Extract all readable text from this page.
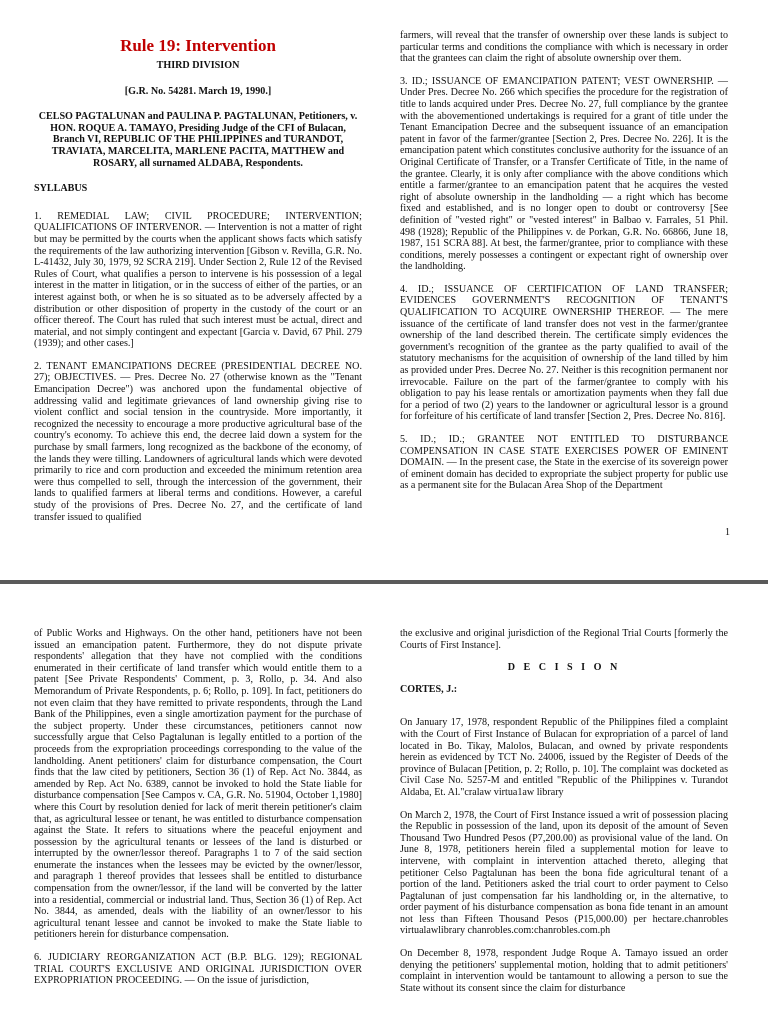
Rule 19: Intervention
THIRD DIVISION
[G.R. No. 54281. March 19, 1990.]
CELSO PAGTALUNAN and PAULINA P. PAGTALUNAN, Petitioners, v. HON. ROQUE A. TAMAYO, Presiding Judge of the CFI of Bulacan, Branch VI, REPUBLIC OF THE PHILIPPINES and TURANDOT, TRAVIATA, MARCELITA, MARLENE PACITA, MATTHEW and ROSARY, all surnamed ALDABA, Respondents.
SYLLABUS

1. REMEDIAL LAW; CIVIL PROCEDURE; INTERVENTION; QUALIFICATIONS OF INTERVENOR. — Intervention is not a matter of right but may be permitted by the courts when the applicant shows facts which satisfy the requirements of the law authorizing intervention [Gibson v. Revilla, G.R. No. L-41432, July 30, 1979, 92 SCRA 219]. Under Section 2, Rule 12 of the Revised Rules of Court, what qualifies a person to intervene is his possession of a legal interest in the matter in litigation, or in the success of either of the parties, or an interest against both, or when he is so situated as to be adversely affected by a distribution or other disposition of property in the custody of the court or an officer thereof. The Court has ruled that such interest must be actual, direct and material, and not simply contingent and expectant [Garcia v. David, 67 Phil. 279 (1939); and other cases.]

2. TENANT EMANCIPATIONS DECREE (PRESIDENTIAL DECREE NO. 27); OBJECTIVES. — Pres. Decree No. 27 (otherwise known as the "Tenant Emancipation Decree") was anchored upon the fundamental objective of addressing valid and legitimate grievances of land ownership giving rise to violent conflict and social tension in the countryside. More importantly, it recognized the necessity to encourage a more productive agricultural base of the country's economy. To achieve this end, the decree laid down a system for the purchase by small farmers, long recognized as the backbone of the economy, of the lands they were tilling. Landowners of agricultural lands which were devoted primarily to rice and corn production and exceeded the minimum retention area were thus compelled to sell, through the intercession of the government, their lands to qualified farmers at liberal terms and conditions. However, a careful study of the provisions of Pres. Decree No. 27, and the certificate of land transfer issued to qualified

farmers, will reveal that the transfer of ownership over these lands is subject to particular terms and conditions the compliance with which is necessary in order that the grantees can claim the right of absolute ownership over them.

3. ID.; ISSUANCE OF EMANCIPATION PATENT; VEST OWNERSHIP. — Under Pres. Decree No. 266 which specifies the procedure for the registration of title to lands acquired under Pres. Decree No. 27, full compliance by the grantee with the abovementioned undertakings is required for a grant of title under the Tenant Emancipation Decree and the subsequent issuance of an emancipation patent in favor of the farmer/grantee [Section 2, Pres. Decree No. 226]. It is the emancipation patent which constitutes conclusive authority for the issuance of an Original Certificate of Transfer, or a Transfer Certificate of Title, in the name of the grantee. Clearly, it is only after compliance with the above conditions which entitle a farmer/grantee to an emancipation patent that he acquires the vested right of absolute ownership in the landholding — a right which has become fixed and established, and is no longer open to doubt or controversy [See definition of "vested right" or "vested interest" in Balbao v. Farrales, 51 Phil. 498 (1928); Republic of the Philippines v. de Porkan, G.R. No. 66866, June 18, 1987, 151 SCRA 88]. At best, the farmer/grantee, prior to compliance with these conditions, merely possesses a contingent or expectant right of ownership over the landholding.

4. ID.; ISSUANCE OF CERTIFICATION OF LAND TRANSFER; EVIDENCES GOVERNMENT'S RECOGNITION OF TENANT'S QUALIFICATION TO ACQUIRE OWNERSHIP THEREOF. — The mere issuance of the certificate of land transfer does not vest in the farmer/grantee ownership of the land described therein. The certificate simply evidences the government's recognition of the grantee as the party qualified to avail of the statutory mechanisms for the acquisition of ownership of the land tilled by him as provided under Pres. Decree No. 27. Neither is this recognition permanent nor irrevocable. Failure on the part of the farmer/grantee to comply with his obligation to pay his lease rentals or amortization payments when they fall due for a period of two (2) years to the landowner or agricultural lessor is a ground for forfeiture of his certificate of land transfer [Section 2, Pres. Decree No. 816].

5. ID.; ID.; GRANTEE NOT ENTITLED TO DISTURBANCE COMPENSATION IN CASE STATE EXERCISES POWER OF EMINENT DOMAIN. — In the present case, the State in the exercise of its sovereign power of eminent domain has decided to expropriate the subject property for public use as a permanent site for the Bulacan Area Shop of the Department

1

of Public Works and Highways. On the other hand, petitioners have not been issued an emancipation patent. Furthermore, they do not dispute private respondents' allegation that they have not complied with the conditions enumerated in their certificate of land transfer which would entitle them to a patent [See Private Respondents' Comment, p. 3, Rollo, p. 34. And also Memorandum of Private Respondents, p. 6; Rollo, p. 109]. In fact, petitioners do not even claim that they have remitted to private respondents, through the Land Bank of the Philippines, even a single amortization payment for the purchase of the subject property. Under these circumstances, petitioners cannot now successfully argue that Celso Pagtalunan is legally entitled to a portion of the proceeds from the expropriation proceedings corresponding to the value of the landholding. Anent petitioners' claim for disturbance compensation, the Court finds that the law cited by petitioners, Section 36 (1) of Rep. Act No. 3844, as amended by Rep. Act No. 6389, cannot be invoked to hold the State liable for disturbance compensation [See Campos v. CA, G.R. No. 51904, October 1,1980] where this Court by resolution denied for lack of merit therein petitioner's claim that, as agricultural lessee or tenant, he was entitled to disturbance compensation against the State. It refers to situations where the peaceful enjoyment and possession by the agricultural tenants or lessees of the land is disturbed or interrupted by the owner/lessor thereof. Paragraphs 1 to 7 of the said section enumerate the instances when the lessees may be evicted by the owner/lessor, and paragraph 1 thereof provides that lessees shall be entitled to disturbance compensation from the owner/lessor, if the land will be converted by the latter into a residential, commercial or industrial land. Thus, Section 36 (1) of Rep. Act No. 3844, as amended, deals with the liability of an owner/lessor to his agricultural tenant lessee and cannot be invoked to make the State liable to petitioners herein for disturbance compensation.

6. JUDICIARY REORGANIZATION ACT (B.P. BLG. 129); REGIONAL TRIAL COURT'S EXCLUSIVE AND ORIGINAL JURISDICTION OVER EXPROPRIATION PROCEEDING. — On the issue of jurisdiction,

the exclusive and original jurisdiction of the Regional Trial Courts [formerly the Courts of First Instance].

D E C I S I O N
CORTES, J.:

On January 17, 1978, respondent Republic of the Philippines filed a complaint with the Court of First Instance of Bulacan for expropriation of a parcel of land located in Bo. Tikay, Malolos, Bulacan, and owned by private respondents herein as evidenced by TCT No. 24006, issued by the Register of Deeds of the province of Bulacan [Petition, p. 2; Rollo, p. 10]. The complaint was docketed as Civil Case No. 5257-M and entitled "Republic of the Philippines v. Turandot Aldaba, Et. Al."cralaw virtua1aw library

On March 2, 1978, the Court of First Instance issued a writ of possession placing the Republic in possession of the land, upon its deposit of the amount of Seven Thousand Two Hundred Pesos (P7,200.00) as provisional value of the land. On June 8, 1978, petitioners herein filed a supplemental motion for leave to intervene, with complaint in intervention attached thereto, alleging that petitioner Celso Pagtalunan has been the bona fide agricultural tenant of a portion of the land. Petitioners asked the trial court to order payment to Celso Pagtalunan of just compensation far his landholding or, in the alternative, to order payment of his disturbance compensation as bona fide tenant in an amount not less than Fifteen Thousand Pesos (P15,000.00) per hectare.chanrobles virtualawlibrary chanrobles.com:chanrobles.com.ph

On December 8, 1978, respondent Judge Roque A. Tamayo issued an order denying the petitioners' supplemental motion, holding that to admit petitioners' complaint in intervention would be tantamount to allowing a person to sue the State without its consent since the claim for disturbance
